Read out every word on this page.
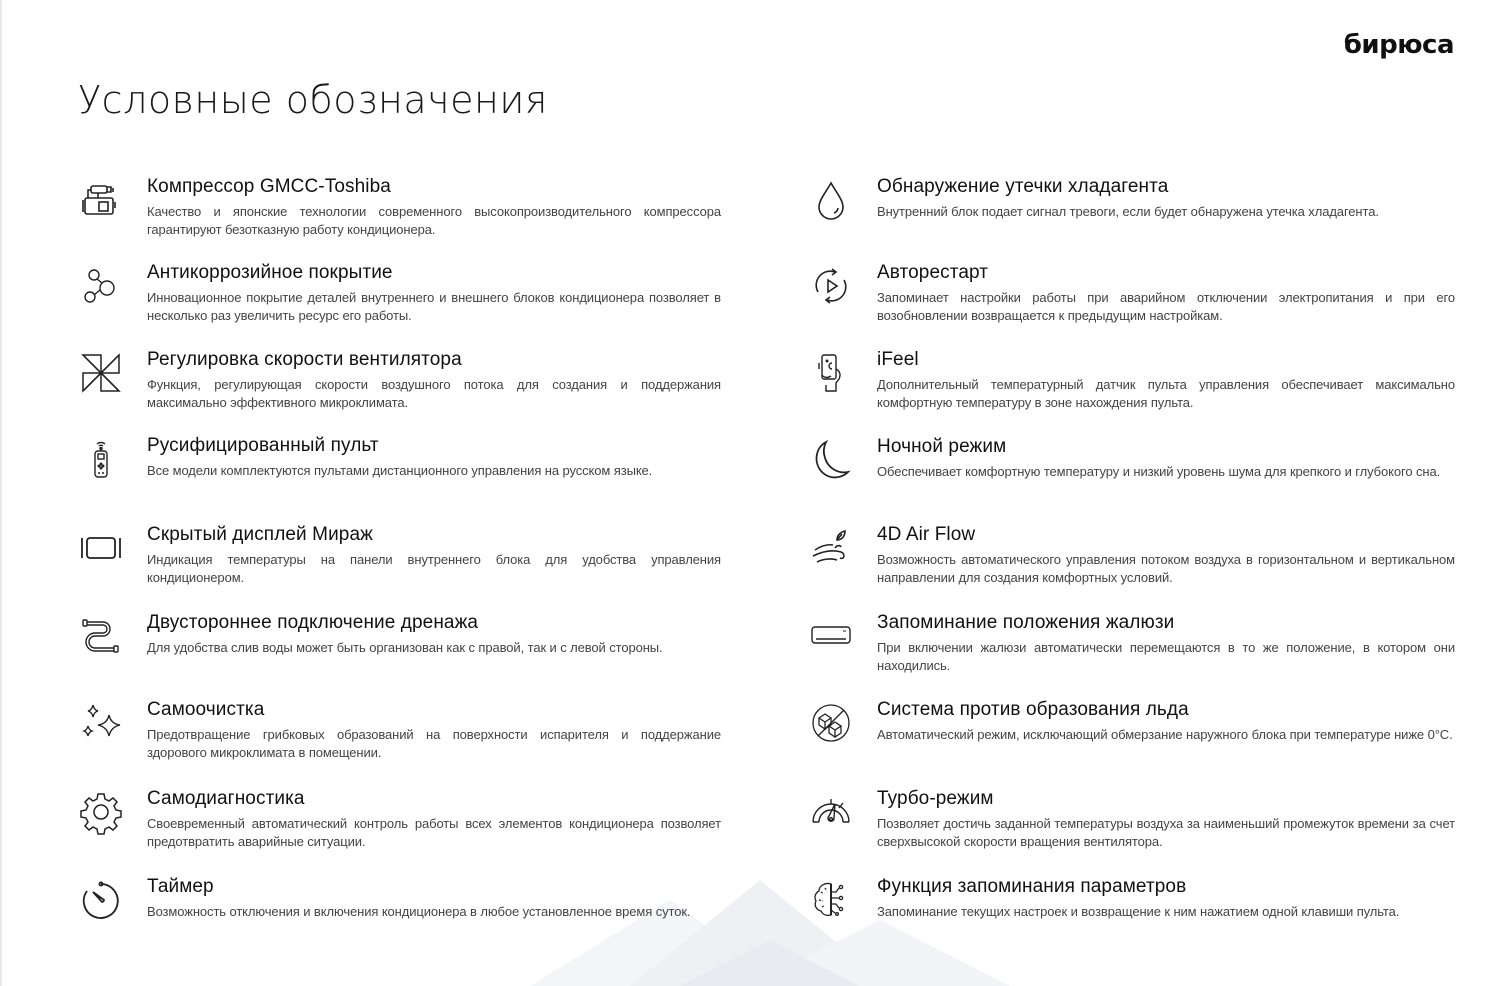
бирюса
Условные обозначения
Компрессор GMCC-Toshiba

Качество и японские технологии современного высокопроизводительного компрессора гарантируют безотказную работу кондиционера.

Антикоррозийное покрытие

Инновационное покрытие деталей внутреннего и внешнего блоков кондиционера позволяет в несколько раз увеличить ресурс его работы.

Регулировка скорости вентилятора

Функция, регулирующая скорости воздушного потока для создания и поддержания максимально эффективного микроклимата.

Русифицированный пульт

Все модели комплектуются пультами дистанционного управления на русском языке.

Скрытый дисплей Мираж

Индикация температуры на панели внутреннего блока для удобства управления кондиционером.

Двустороннее подключение дренажа

Для удобства слив воды может быть организован как с правой, так и с левой стороны.

Самоочистка

Предотвращение грибковых образований на поверхности испарителя и поддержание здорового микроклимата в помещении.

Самодиагностика

Своевременный автоматический контроль работы всех элементов кондиционера позволяет предотвратить аварийные ситуации.

Таймер

Возможность отключения и включения кондиционера в любое установленное время суток.

Обнаружение утечки хладагента

Внутренний блок подает сигнал тревоги, если будет обнаружена утечка хладагента.

Авторестарт

Запоминает настройки работы при аварийном отключении электропитания и при его возобновлении возвращается к предыдущим настройкам.

iFeel

Дополнительный температурный датчик пульта управления обеспечивает максимально комфортную температуру в зоне нахождения пульта.

Ночной режим

Обеспечивает комфортную температуру и низкий уровень шума для крепкого и глубокого сна.

4D Air Flow

Возможность автоматического управления потоком воздуха в горизонтальном и вертикальном направлении для создания комфортных условий.

Запоминание положения жалюзи

При включении жалюзи автоматически перемещаются в то же положение, в котором они находились.

Система против образования льда

Автоматический режим, исключающий обмерзание наружного блока при температуре ниже 0°C.

Турбо-режим

Позволяет достичь заданной температуры воздуха за наименьший промежуток времени за счет сверхвысокой скорости вращения вентилятора.

Функция запоминания параметров

Запоминание текущих настроек и возвращение к ним нажатием одной клавиши пульта.
